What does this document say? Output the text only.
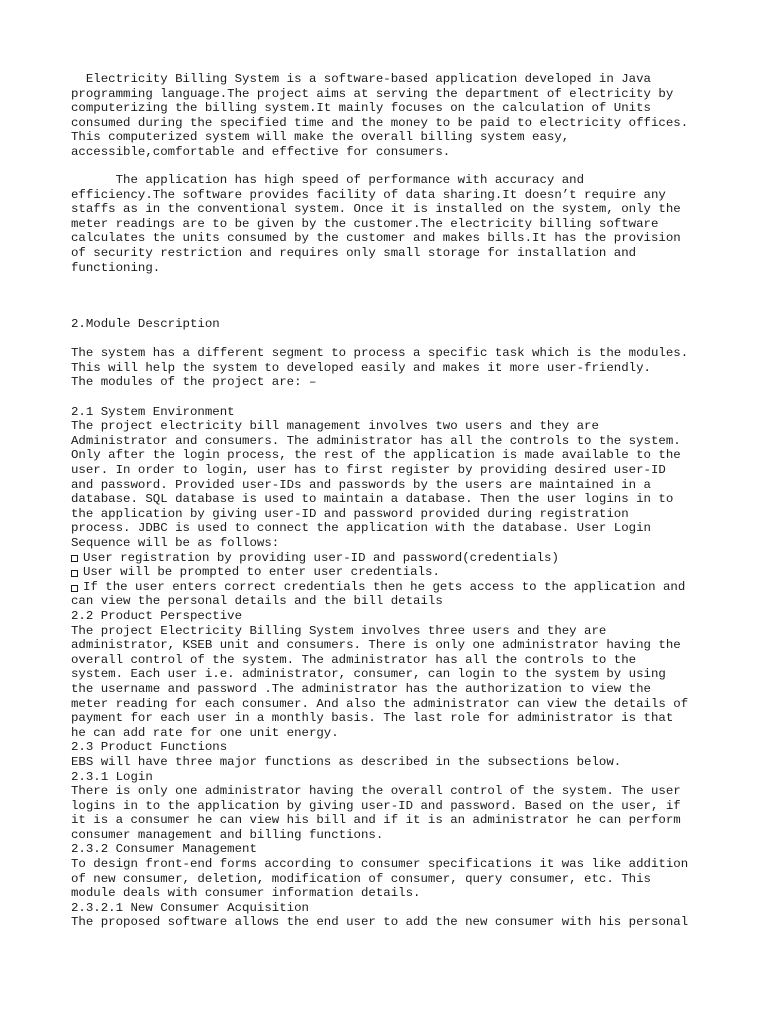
Electricity Billing System is a software-based application developed in Java
programming language.The project aims at serving the department of electricity by
computerizing the billing system.It mainly focuses on the calculation of Units
consumed during the specified time and the money to be paid to electricity offices.
This computerized system will make the overall billing system easy,
accessible,comfortable and effective for consumers.
The application has high speed of performance with accuracy and
efficiency.The software provides facility of data sharing.It doesn’t require any
staffs as in the conventional system. Once it is installed on the system, only the
meter readings are to be given by the customer.The electricity billing software
calculates the units consumed by the customer and makes bills.It has the provision
of security restriction and requires only small storage for installation and
functioning.
2.Module Description
The system has a different segment to process a specific task which is the modules.
This will help the system to developed easily and makes it more user-friendly.
The modules of the project are: –
2.1 System Environment
The project electricity bill management involves two users and they are
Administrator and consumers. The administrator has all the controls to the system.
Only after the login process, the rest of the application is made available to the
user. In order to login, user has to first register by providing desired user-ID
and password. Provided user-IDs and passwords by the users are maintained in a
database. SQL database is used to maintain a database. Then the user logins in to
the application by giving user-ID and password provided during registration
process. JDBC is used to connect the application with the database. User Login
Sequence will be as follows:
User registration by providing user-ID and password(credentials)
User will be prompted to enter user credentials.
If the user enters correct credentials then he gets access to the application and
can view the personal details and the bill details
2.2 Product Perspective
The project Electricity Billing System involves three users and they are
administrator, KSEB unit and consumers. There is only one administrator having the
overall control of the system. The administrator has all the controls to the
system. Each user i.e. administrator, consumer, can login to the system by using
the username and password .The administrator has the authorization to view the
meter reading for each consumer. And also the administrator can view the details of
payment for each user in a monthly basis. The last role for administrator is that
he can add rate for one unit energy.
2.3 Product Functions
EBS will have three major functions as described in the subsections below.
2.3.1 Login
There is only one administrator having the overall control of the system. The user
logins in to the application by giving user-ID and password. Based on the user, if
it is a consumer he can view his bill and if it is an administrator he can perform
consumer management and billing functions.
2.3.2 Consumer Management
To design front-end forms according to consumer specifications it was like addition
of new consumer, deletion, modification of consumer, query consumer, etc. This
module deals with consumer information details.
2.3.2.1 New Consumer Acquisition
The proposed software allows the end user to add the new consumer with his personal
